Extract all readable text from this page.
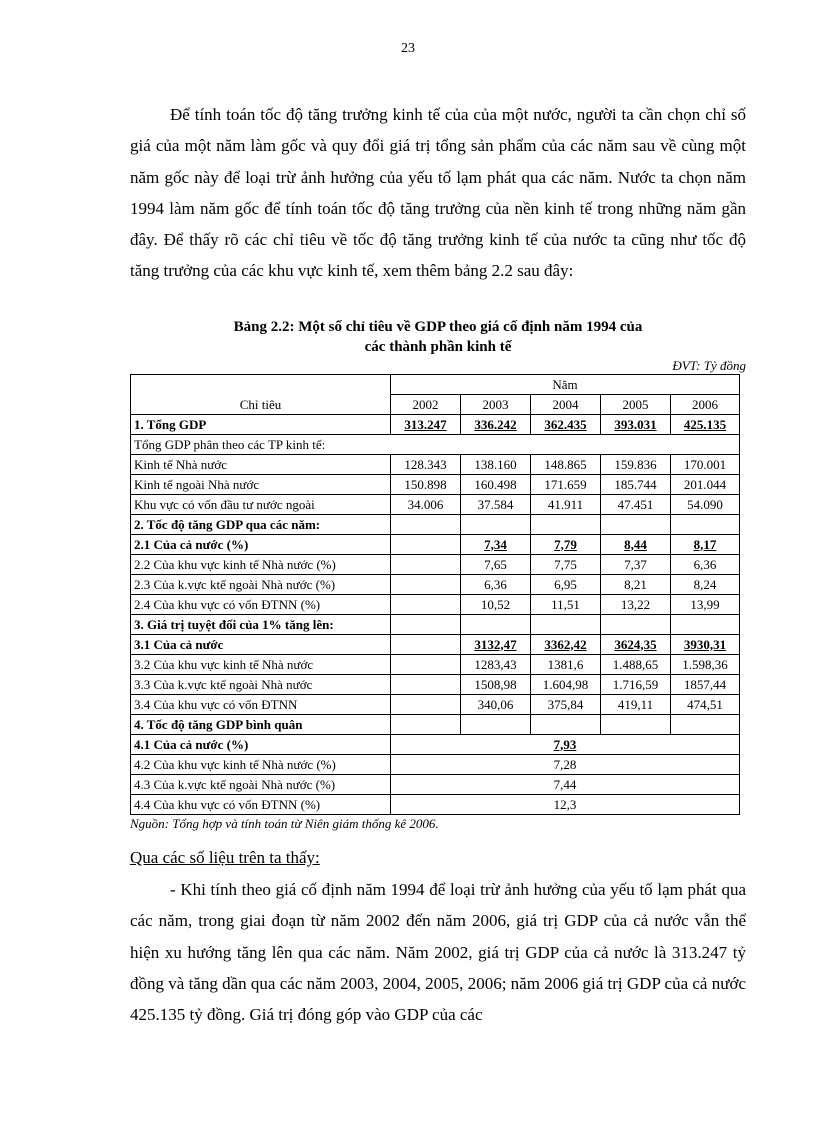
23

Để tính toán tốc độ tăng trưởng kinh tế của của một nước, người ta cần chọn chỉ số giá của một năm làm gốc và quy đổi giá trị tổng sản phẩm của các năm sau về cùng một năm gốc này để loại trừ ảnh hưởng của yếu tố lạm phát qua các năm. Nước ta chọn năm 1994 làm năm gốc để tính toán tốc độ tăng trưởng của nền kinh tế trong những năm gần đây. Để thấy rõ các chỉ tiêu về tốc độ tăng trưởng kinh tế của nước ta cũng như tốc độ tăng trưởng của các khu vực kinh tế, xem thêm bảng 2.2 sau đây:

Bảng 2.2: Một số chỉ tiêu về GDP theo giá cố định năm 1994 của
các thành phần kinh tế
ĐVT: Tỷ đồng
Chỉ tiêu	Năm				
	2002	2003	2004	2005	2006
1. Tổng GDP	313.247	336.242	362.435	393.031	425.135
Tổng GDP phân theo các TP kinh tế:					
Kinh tế Nhà nước	128.343	138.160	148.865	159.836	170.001
Kinh tế ngoài Nhà nước	150.898	160.498	171.659	185.744	201.044
Khu vực có vốn đầu tư nước ngoài	34.006	37.584	41.911	47.451	54.090
2. Tốc độ tăng GDP qua các năm:					
2.1 Của cả nước (%)		7,34	7,79	8,44	8,17
2.2 Của khu vực kinh tế Nhà nước (%)		7,65	7,75	7,37	6,36
2.3 Của k.vực ktế ngoài Nhà nước (%)		6,36	6,95	8,21	8,24
2.4 Của khu vực có vốn ĐTNN (%)		10,52	11,51	13,22	13,99
3. Giá trị tuyệt đối của 1% tăng lên:					
3.1 Của cả nước		3132,47	3362,42	3624,35	3930,31
3.2 Của khu vực kinh tế Nhà nước		1283,43	1381,6	1.488,65	1.598,36
3.3 Của k.vực ktế ngoài Nhà nước		1508,98	1.604,98	1.716,59	1857,44
3.4 Của khu vực có vốn ĐTNN		340,06	375,84	419,11	474,51
4. Tốc độ tăng GDP bình quân					
4.1 Của cả nước (%)	7,93				
4.2 Của khu vực kinh tế Nhà nước (%)	7,28				
4.3 Của k.vực ktế ngoài Nhà nước (%)	7,44				
4.4 Của khu vực có vốn ĐTNN (%)	12,3				
Nguồn: Tổng hợp và tính toán từ Niên giám thống kê 2006.
Qua các số liệu trên ta thấy:

- Khi tính theo giá cố định năm 1994 để loại trừ ảnh hưởng của yếu tố lạm phát qua các năm, trong giai đoạn từ năm 2002 đến năm 2006, giá trị GDP của cả nước vẫn thể hiện xu hướng tăng lên qua các năm. Năm 2002, giá trị GDP của cả nước là 313.247 tỷ đồng và tăng dần qua các năm 2003, 2004, 2005, 2006; năm 2006 giá trị GDP của cả nước 425.135 tỷ đồng. Giá trị đóng góp vào GDP của các
